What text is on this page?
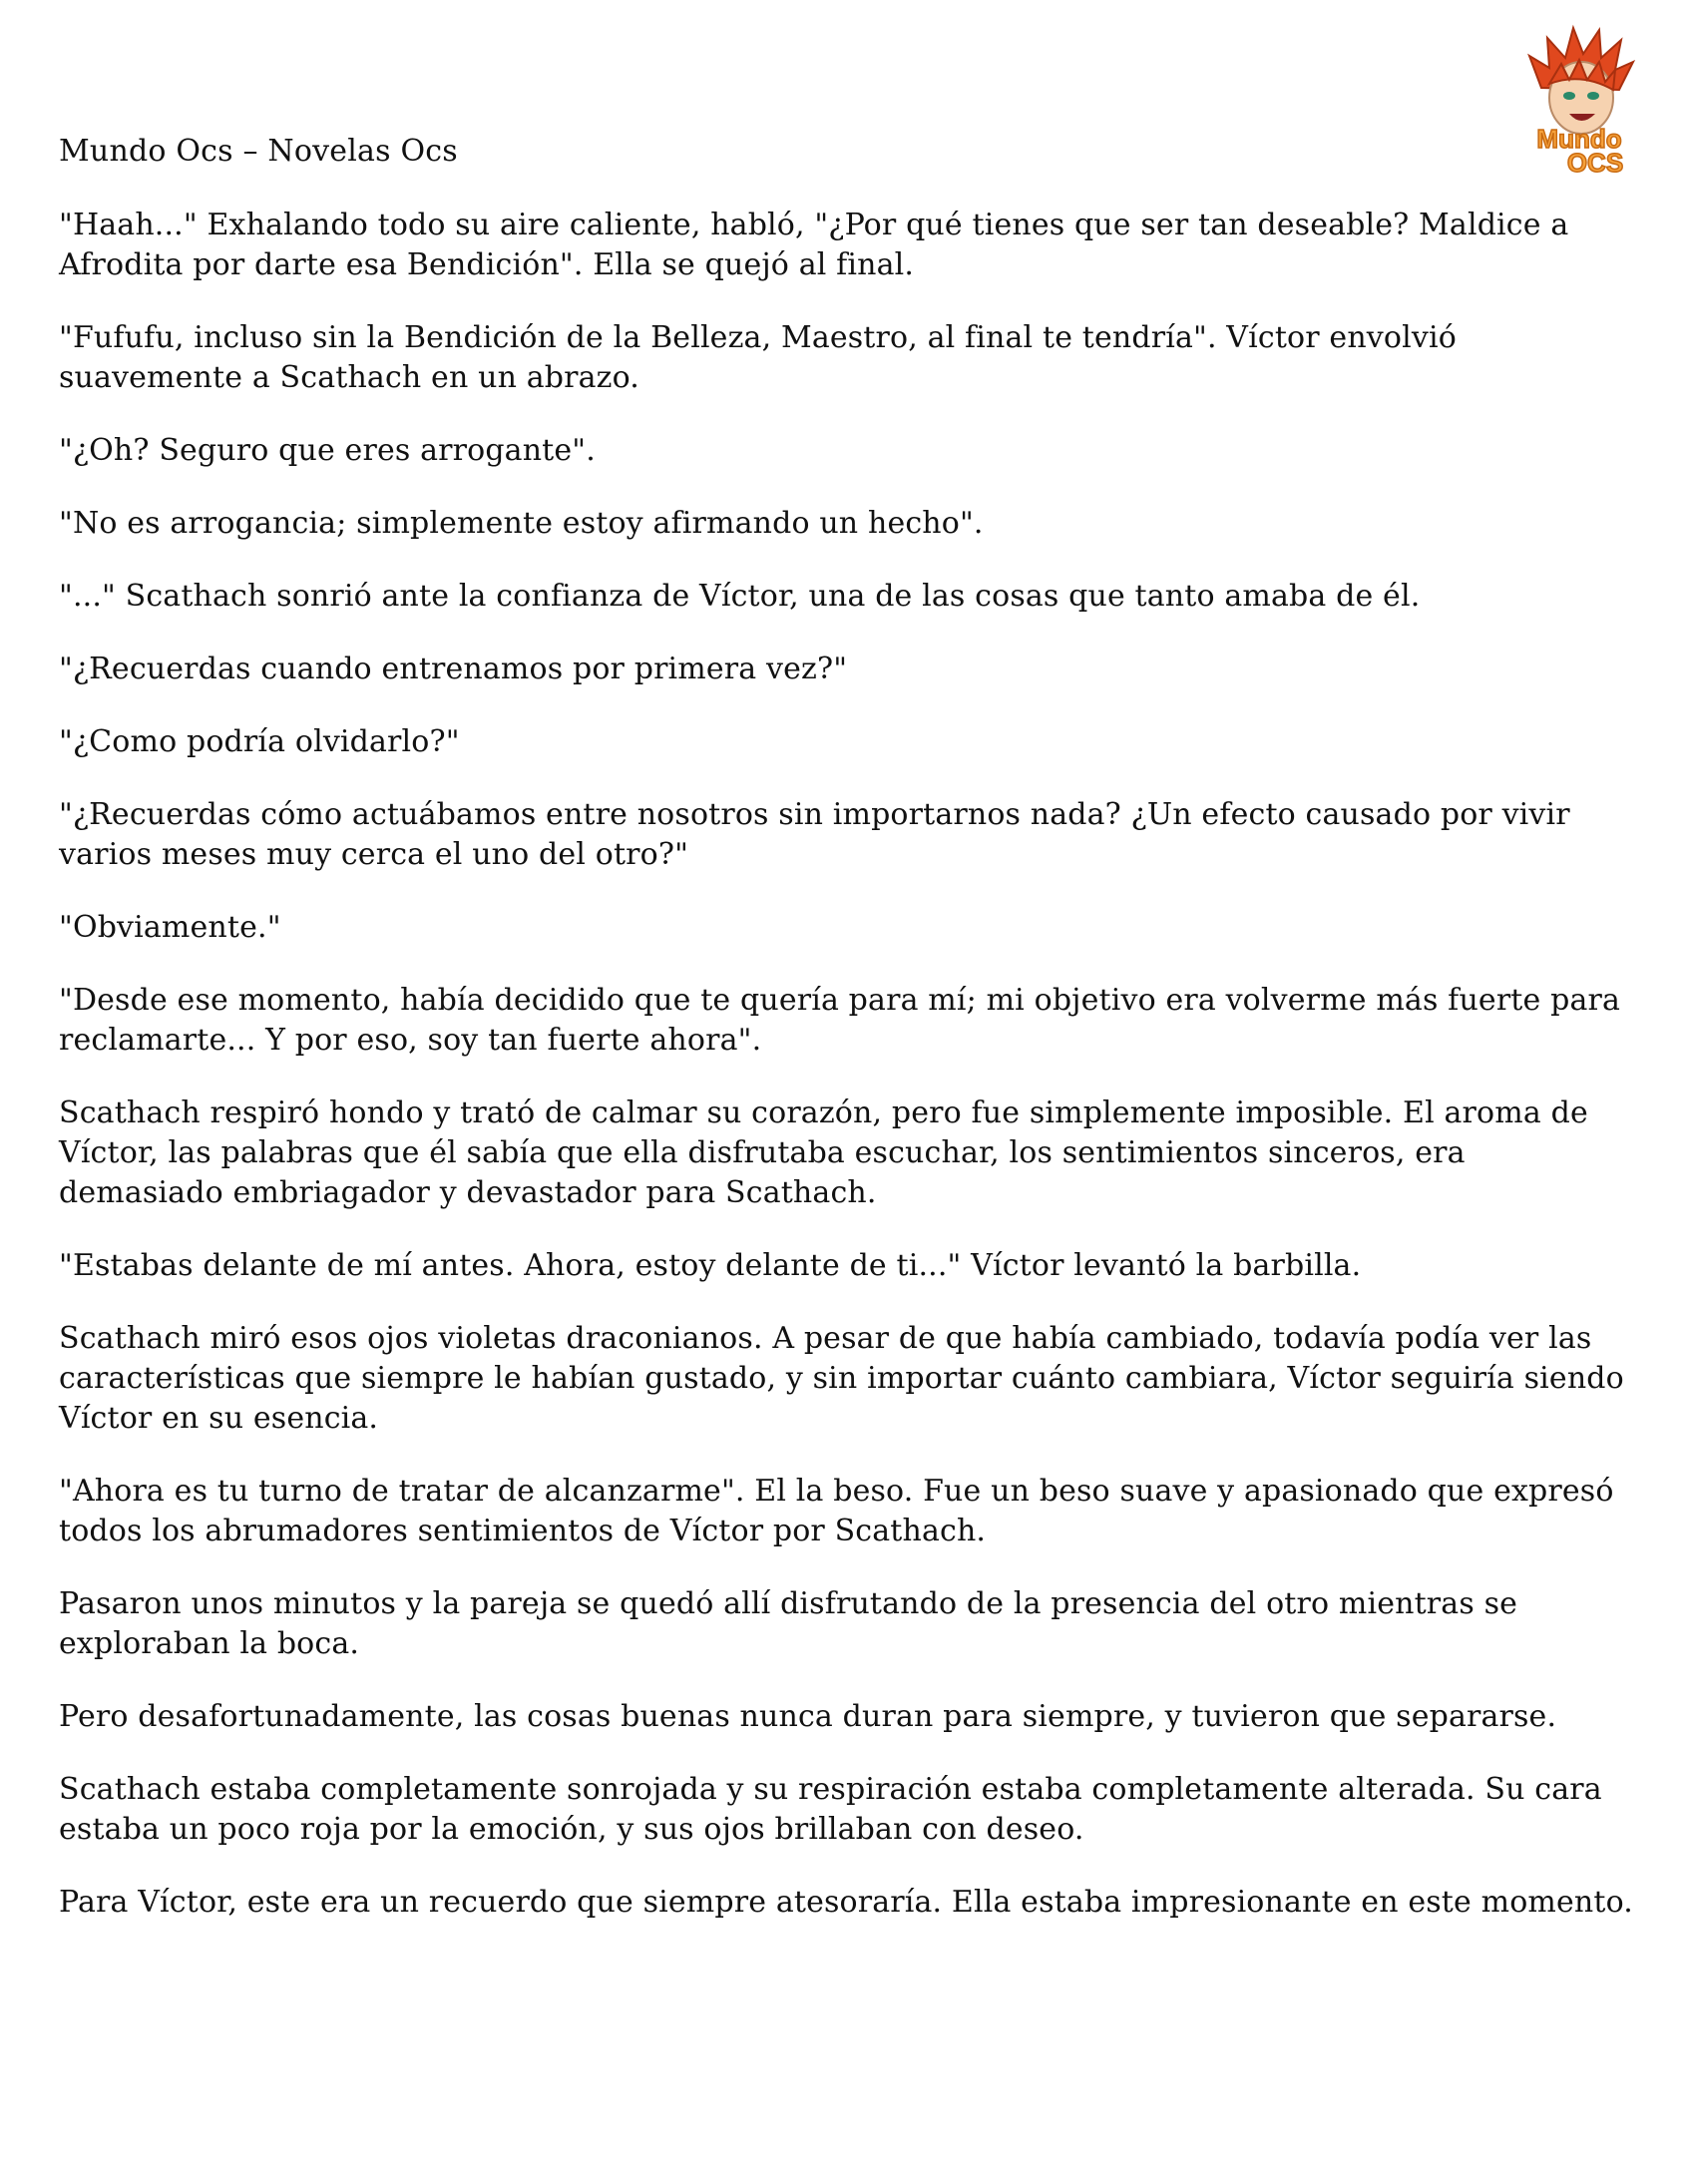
Mundo Ocs – Novelas Ocs	Mundo
OCS

"Haah..." Exhalando todo su aire caliente, habló, "¿Por qué tienes que ser tan deseable? Maldice a Afrodita por darte esa Bendición". Ella se quejó al final.

"Fufufu, incluso sin la Bendición de la Belleza, Maestro, al final te tendría". Víctor envolvió suavemente a Scathach en un abrazo.

"¿Oh? Seguro que eres arrogante".

"No es arrogancia; simplemente estoy afirmando un hecho".

"..." Scathach sonrió ante la confianza de Víctor, una de las cosas que tanto amaba de él.

"¿Recuerdas cuando entrenamos por primera vez?"

"¿Como podría olvidarlo?"

"¿Recuerdas cómo actuábamos entre nosotros sin importarnos nada? ¿Un efecto causado por vivir varios meses muy cerca el uno del otro?"

"Obviamente."

"Desde ese momento, había decidido que te quería para mí; mi objetivo era volverme más fuerte para reclamarte... Y por eso, soy tan fuerte ahora".

Scathach respiró hondo y trató de calmar su corazón, pero fue simplemente imposible. El aroma de Víctor, las palabras que él sabía que ella disfrutaba escuchar, los sentimientos sinceros, era demasiado embriagador y devastador para Scathach.

"Estabas delante de mí antes. Ahora, estoy delante de ti..." Víctor levantó la barbilla.

Scathach miró esos ojos violetas draconianos. A pesar de que había cambiado, todavía podía ver las características que siempre le habían gustado, y sin importar cuánto cambiara, Víctor seguiría siendo Víctor en su esencia.

"Ahora es tu turno de tratar de alcanzarme". El la beso. Fue un beso suave y apasionado que expresó todos los abrumadores sentimientos de Víctor por Scathach.

Pasaron unos minutos y la pareja se quedó allí disfrutando de la presencia del otro mientras se exploraban la boca.

Pero desafortunadamente, las cosas buenas nunca duran para siempre, y tuvieron que separarse.

Scathach estaba completamente sonrojada y su respiración estaba completamente alterada. Su cara estaba un poco roja por la emoción, y sus ojos brillaban con deseo.

Para Víctor, este era un recuerdo que siempre atesoraría. Ella estaba impresionante en este momento.
